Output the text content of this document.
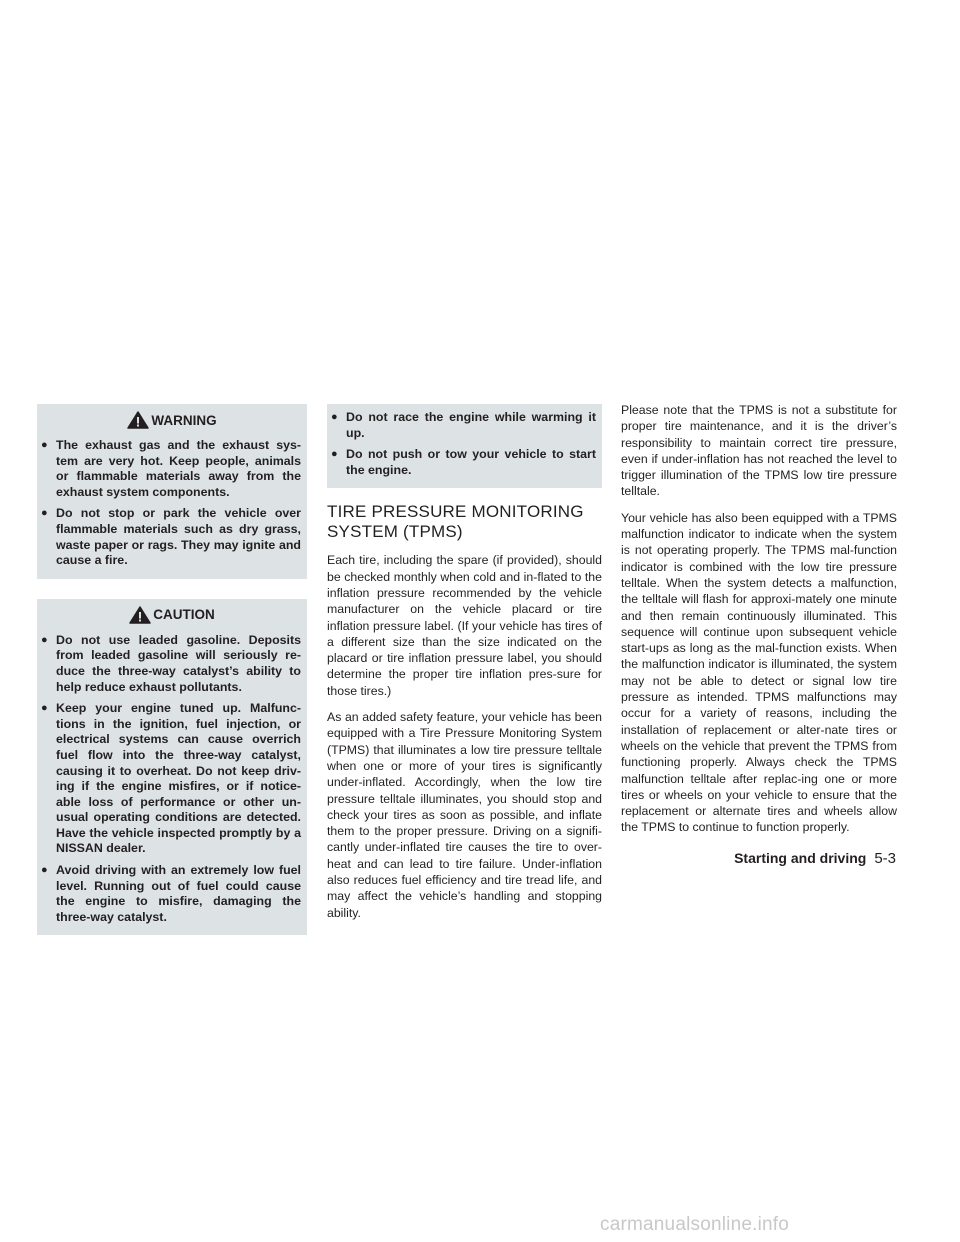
WARNING
● The exhaust gas and the exhaust sys-tem are very hot. Keep people, animals or flammable materials away from the exhaust system components.
● Do not stop or park the vehicle over flammable materials such as dry grass, waste paper or rags. They may ignite and cause a fire.
CAUTION
● Do not use leaded gasoline. Deposits from leaded gasoline will seriously re-duce the three-way catalyst’s ability to help reduce exhaust pollutants.
● Keep your engine tuned up. Malfunc-tions in the ignition, fuel injection, or electrical systems can cause overrich fuel flow into the three-way catalyst, causing it to overheat. Do not keep driv-ing if the engine misfires, or if notice-able loss of performance or other un-usual operating conditions are detected. Have the vehicle inspected promptly by a NISSAN dealer.
● Avoid driving with an extremely low fuel level. Running out of fuel could cause the engine to misfire, damaging the three-way catalyst.
● Do not race the engine while warming it up.
● Do not push or tow your vehicle to start the engine.
TIRE PRESSURE MONITORING SYSTEM (TPMS)

Each tire, including the spare (if provided), should be checked monthly when cold and in-flated to the inflation pressure recommended by the vehicle manufacturer on the vehicle placard or tire inflation pressure label. (If your vehicle has tires of a different size than the size indicated on the placard or tire inflation pressure label, you should determine the proper tire inflation pres-sure for those tires.)

As an added safety feature, your vehicle has been equipped with a Tire Pressure Monitoring System (TPMS) that illuminates a low tire pressure telltale when one or more of your tires is significantly under-inflated. Accordingly, when the low tire pressure telltale illuminates, you should stop and check your tires as soon as possible, and inflate them to the proper pressure. Driving on a signifi-cantly under-inflated tire causes the tire to over-heat and can lead to tire failure. Under-inflation also reduces fuel efficiency and tire tread life, and may affect the vehicle’s handling and stopping ability.

Please note that the TPMS is not a substitute for proper tire maintenance, and it is the driver’s responsibility to maintain correct tire pressure, even if under-inflation has not reached the level to trigger illumination of the TPMS low tire pressure telltale.

Your vehicle has also been equipped with a TPMS malfunction indicator to indicate when the system is not operating properly. The TPMS mal-function indicator is combined with the low tire pressure telltale. When the system detects a malfunction, the telltale will flash for approxi-mately one minute and then remain continuously illuminated. This sequence will continue upon subsequent vehicle start-ups as long as the mal-function exists. When the malfunction indicator is illuminated, the system may not be able to detect or signal low tire pressure as intended. TPMS malfunctions may occur for a variety of reasons, including the installation of replacement or alter-nate tires or wheels on the vehicle that prevent the TPMS from functioning properly. Always check the TPMS malfunction telltale after replac-ing one or more tires or wheels on your vehicle to ensure that the replacement or alternate tires and wheels allow the TPMS to continue to function properly.

Starting and driving 5-3
carmanualsonline.info
